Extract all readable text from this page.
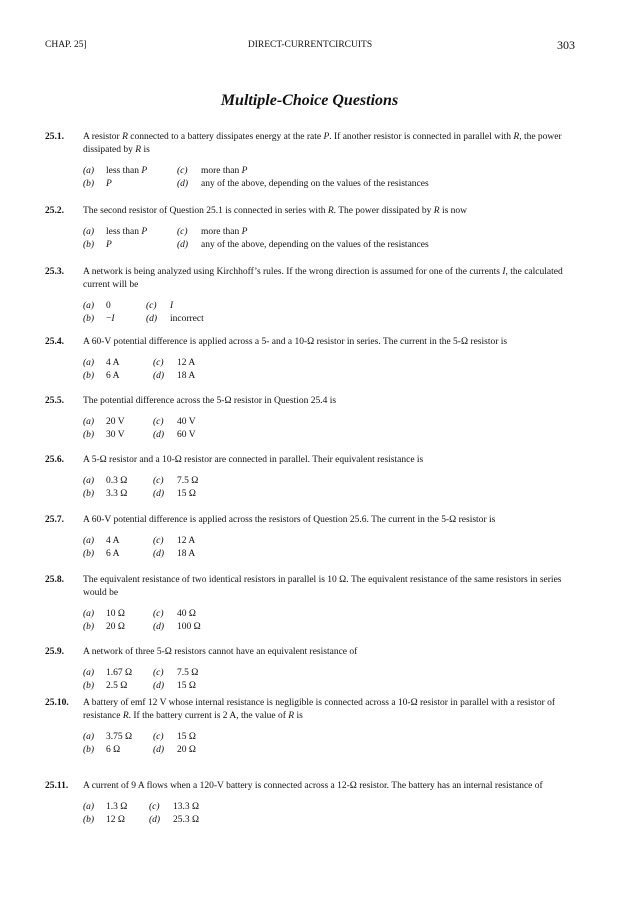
CHAP. 25]	DIRECT-CURRENTCIRCUITS	303
Multiple-Choice Questions
25.1.	A resistor R connected to a battery dissipates energy at the rate P. If another resistor is connected in parallel with R, the power dissipated by R is
(a) less than P	(c) more than P
(b) P	(d) any of the above, depending on the values of the resistances
25.2.	The second resistor of Question 25.1 is connected in series with R. The power dissipated by R is now
(a) less than P	(c) more than P
(b) P	(d) any of the above, depending on the values of the resistances
25.3.	A network is being analyzed using Kirchhoff’s rules. If the wrong direction is assumed for one of the currents I, the calculated current will be
(a) 0	(c) I
(b) −I	(d) incorrect
25.4.	A 60-V potential difference is applied across a 5- and a 10-Ω resistor in series. The current in the 5-Ω resistor is
(a) 4 A	(c) 12 A
(b) 6 A	(d) 18 A
25.5.	The potential difference across the 5-Ω resistor in Question 25.4 is
(a) 20 V	(c) 40 V
(b) 30 V	(d) 60 V
25.6.	A 5-Ω resistor and a 10-Ω resistor are connected in parallel. Their equivalent resistance is
(a) 0.3 Ω	(c) 7.5 Ω
(b) 3.3 Ω	(d) 15 Ω
25.7.	A 60-V potential difference is applied across the resistors of Question 25.6. The current in the 5-Ω resistor is
(a) 4 A	(c) 12 A
(b) 6 A	(d) 18 A
25.8.	The equivalent resistance of two identical resistors in parallel is 10 Ω. The equivalent resistance of the same resistors in series would be
(a) 10 Ω	(c) 40 Ω
(b) 20 Ω	(d) 100 Ω
25.9.	A network of three 5-Ω resistors cannot have an equivalent resistance of
(a) 1.67 Ω (c) 7.5 Ω
(b) 2.5 Ω	(d) 15 Ω
25.10.	A battery of emf 12 V whose internal resistance is negligible is connected across a 10-Ω resistor in parallel with a resistor of resistance R. If the battery current is 2 A, the value of R is
(a) 3.75 Ω (c) 15 Ω
(b) 6 Ω	(d) 20 Ω
25.11.	A current of 9 A flows when a 120-V battery is connected across a 12-Ω resistor. The battery has an internal resistance of
(a) 1.3 Ω (c) 13.3 Ω
(b) 12 Ω	(d) 25.3 Ω
